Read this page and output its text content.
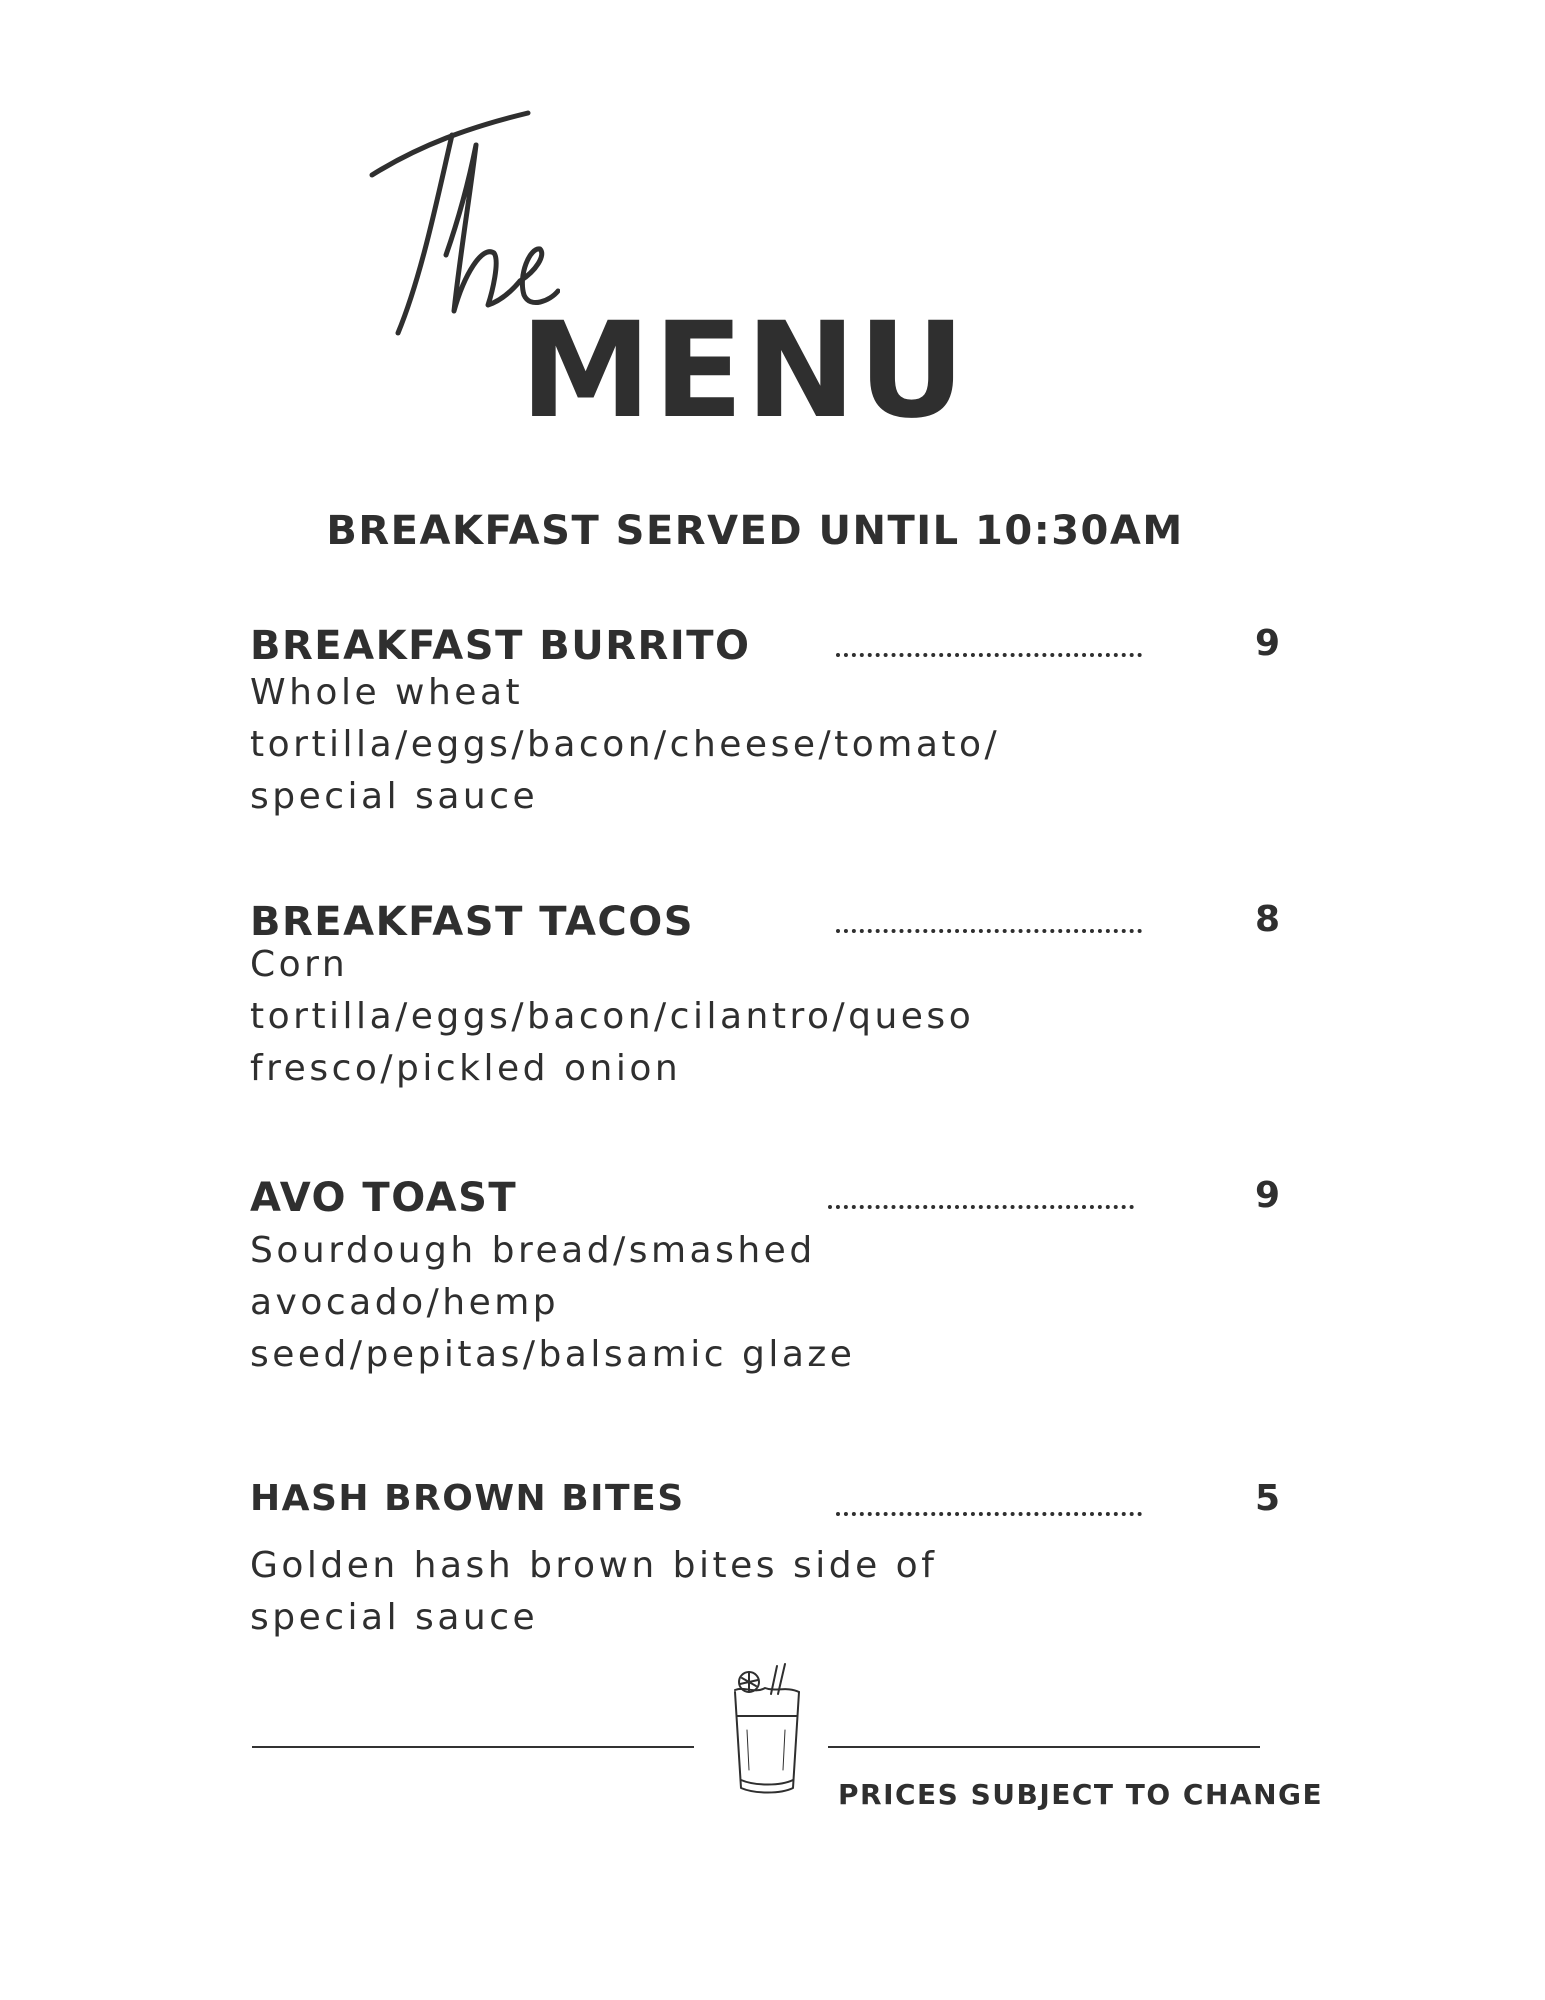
MENU
BREAKFAST SERVED UNTIL 10:30AM
BREAKFAST BURRITO	9
Whole wheat
tortilla/eggs/bacon/cheese/tomato/
special sauce
BREAKFAST TACOS	8
Corn
tortilla/eggs/bacon/cilantro/queso
fresco/pickled onion
AVO TOAST	9
Sourdough bread/smashed
avocado/hemp
seed/pepitas/balsamic glaze
HASH BROWN BITES	5
Golden hash brown bites side of
special sauce
PRICES SUBJECT TO CHANGE
